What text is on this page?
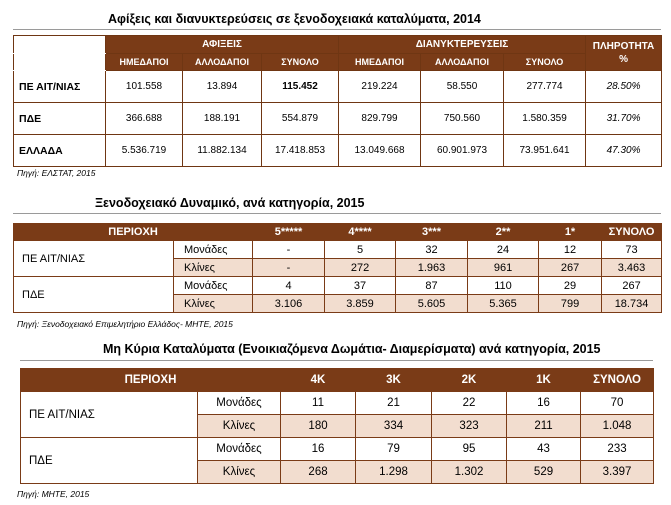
Αφίξεις και διανυκτερεύσεις σε ξενοδοχειακά καταλύματα, 2014
	ΑΦΙΞΕΙΣ			ΔΙΑΝΥΚΤΕΡΕΥΣΕΙΣ			ΠΛΗΡΟΤΗΤΑ
%

	ΗΜΕΔΑΠΟΙ	ΑΛΛΟΔΑΠΟΙ	ΣΥΝΟΛΟ	ΗΜΕΔΑΠΟΙ	ΑΛΛΟΔΑΠΟΙ	ΣΥΝΟΛΟ	
ΠΕ ΑΙΤ/ΝΙΑΣ	101.558	13.894	115.452	219.224	58.550	277.774	28.50%
ΠΔΕ	366.688	188.191	554.879	829.799	750.560	1.580.359	31.70%
ΕΛΛΑΔΑ	5.536.719	11.882.134	17.418.853	13.049.668	60.901.973	73.951.641	47.30%
Πηγή: ΕΛΣΤΑΤ, 2015
Ξενοδοχειακό Δυναμικό, ανά κατηγορία, 2015
ΠΕΡΙΟΧΗ		5*****	4****	3***	2**	1*	ΣΥΝΟΛΟ
ΠΕ ΑΙΤ/ΝΙΑΣ	Μονάδες	-	5	32	24	12	73
	Κλίνες	-	272	1.963	961	267	3.463
ΠΔΕ	Μονάδες	4	37	87	110	29	267
	Κλίνες	3.106	3.859	5.605	5.365	799	18.734
Πηγή: Ξενοδοχειακό Επιμελητήριο Ελλάδος- ΜΗΤΕ, 2015
Μη Κύρια Καταλύματα (Ενοικιαζόμενα Δωμάτια- Διαμερίσματα) ανά κατηγορία, 2015
ΠΕΡΙΟΧΗ		4Κ	3Κ	2Κ	1Κ	ΣΥΝΟΛΟ
ΠΕ ΑΙΤ/ΝΙΑΣ	Μονάδες	11	21	22	16	70
	Κλίνες	180	334	323	211	1.048
ΠΔΕ	Μονάδες	16	79	95	43	233
	Κλίνες	268	1.298	1.302	529	3.397
Πηγή: ΜΗΤΕ, 2015
